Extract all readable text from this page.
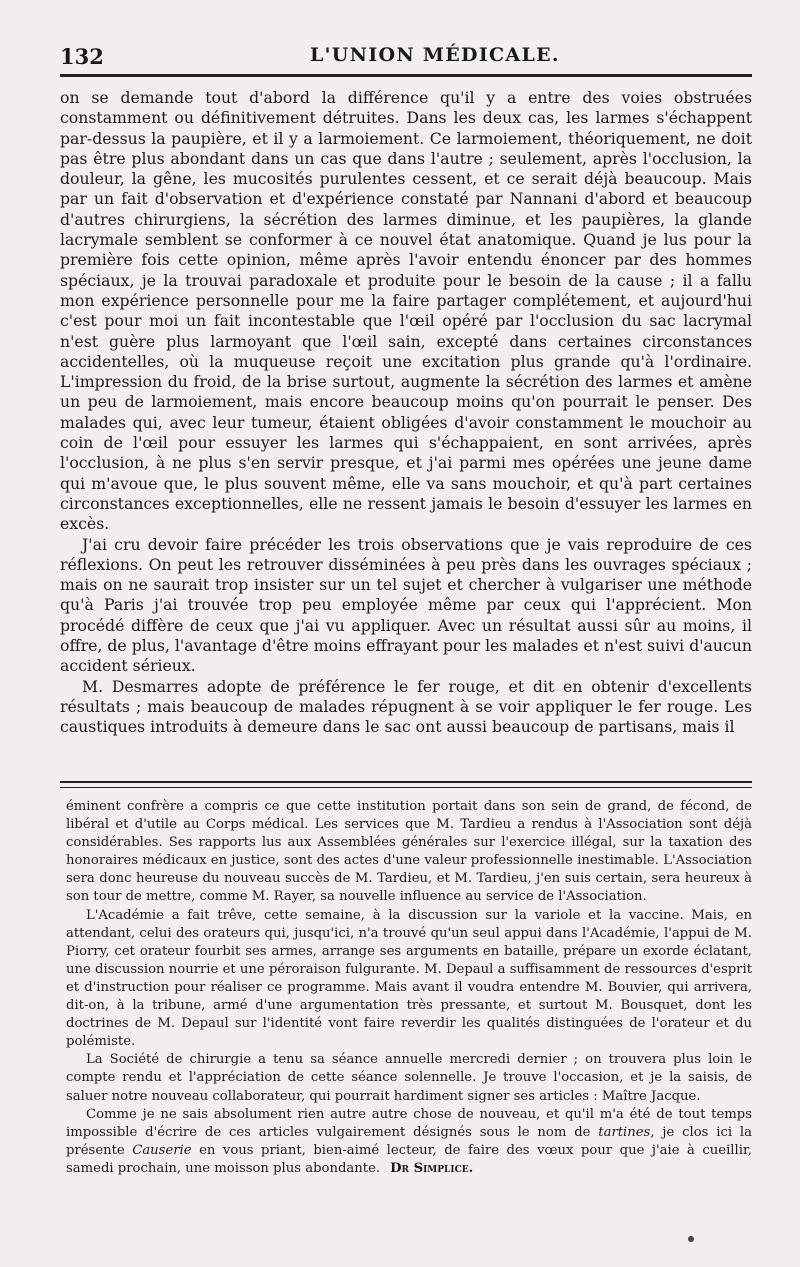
132	L'UNION MÉDICALE.

on se demande tout d'abord la différence qu'il y a entre des voies obstruées constamment ou définitivement détruites. Dans les deux cas, les larmes s'échappent par-dessus la paupière, et il y a larmoiement. Ce larmoiement, théoriquement, ne doit pas être plus abondant dans un cas que dans l'autre ; seulement, après l'occlusion, la douleur, la gêne, les mucosités purulentes cessent, et ce serait déjà beaucoup. Mais par un fait d'observation et d'expérience constaté par Nannani d'abord et beaucoup d'autres chirurgiens, la sécrétion des larmes diminue, et les paupières, la glande lacrymale semblent se conformer à ce nouvel état anatomique. Quand je lus pour la première fois cette opinion, même après l'avoir entendu énoncer par des hommes spéciaux, je la trouvai paradoxale et produite pour le besoin de la cause ; il a fallu mon expérience personnelle pour me la faire partager complétement, et aujourd'hui c'est pour moi un fait incontestable que l'œil opéré par l'occlusion du sac lacrymal n'est guère plus larmoyant que l'œil sain, excepté dans certaines circonstances accidentelles, où la muqueuse reçoit une excitation plus grande qu'à l'ordinaire. L'impression du froid, de la brise surtout, augmente la sécrétion des larmes et amène un peu de larmoiement, mais encore beaucoup moins qu'on pourrait le penser. Des malades qui, avec leur tumeur, étaient obligées d'avoir constamment le mouchoir au coin de l'œil pour essuyer les larmes qui s'échappaient, en sont arrivées, après l'occlusion, à ne plus s'en servir presque, et j'ai parmi mes opérées une jeune dame qui m'avoue que, le plus souvent même, elle va sans mouchoir, et qu'à part certaines circonstances exceptionnelles, elle ne ressent jamais le besoin d'essuyer les larmes en excès.

J'ai cru devoir faire précéder les trois observations que je vais reproduire de ces réflexions. On peut les retrouver disséminées à peu près dans les ouvrages spéciaux ; mais on ne saurait trop insister sur un tel sujet et chercher à vulgariser une méthode qu'à Paris j'ai trouvée trop peu employée même par ceux qui l'apprécient. Mon procédé diffère de ceux que j'ai vu appliquer. Avec un résultat aussi sûr au moins, il offre, de plus, l'avantage d'être moins effrayant pour les malades et n'est suivi d'aucun accident sérieux.

M. Desmarres adopte de préférence le fer rouge, et dit en obtenir d'excellents résultats ; mais beaucoup de malades répugnent à se voir appliquer le fer rouge. Les caustiques introduits à demeure dans le sac ont aussi beaucoup de partisans, mais il

éminent confrère a compris ce que cette institution portait dans son sein de grand, de fécond, de libéral et d'utile au Corps médical. Les services que M. Tardieu a rendus à l'Association sont déjà considérables. Ses rapports lus aux Assemblées générales sur l'exercice illégal, sur la taxation des honoraires médicaux en justice, sont des actes d'une valeur professionnelle inestimable. L'Association sera donc heureuse du nouveau succès de M. Tardieu, et M. Tardieu, j'en suis certain, sera heureux à son tour de mettre, comme M. Rayer, sa nouvelle influence au service de l'Association.

L'Académie a fait trêve, cette semaine, à la discussion sur la variole et la vaccine. Mais, en attendant, celui des orateurs qui, jusqu'ici, n'a trouvé qu'un seul appui dans l'Académie, l'appui de M. Piorry, cet orateur fourbit ses armes, arrange ses arguments en bataille, prépare un exorde éclatant, une discussion nourrie et une péroraison fulgurante. M. Depaul a suffisamment de ressources d'esprit et d'instruction pour réaliser ce programme. Mais avant il voudra entendre M. Bouvier, qui arrivera, dit-on, à la tribune, armé d'une argumentation très pressante, et surtout M. Bousquet, dont les doctrines de M. Depaul sur l'identité vont faire reverdir les qualités distinguées de l'orateur et du polémiste.

La Société de chirurgie a tenu sa séance annuelle mercredi dernier ; on trouvera plus loin le compte rendu et l'appréciation de cette séance solennelle. Je trouve l'occasion, et je la saisis, de saluer notre nouveau collaborateur, qui pourrait hardiment signer ses articles : Maître Jacque.

Comme je ne sais absolument rien autre autre chose de nouveau, et qu'il m'a été de tout temps impossible d'écrire de ces articles vulgairement désignés sous le nom de tartines, je clos ici la présente Causerie en vous priant, bien-aimé lecteur, de faire des vœux pour que j'aie à cueillir, samedi prochain, une moisson plus abondante. Dr Simplice.
